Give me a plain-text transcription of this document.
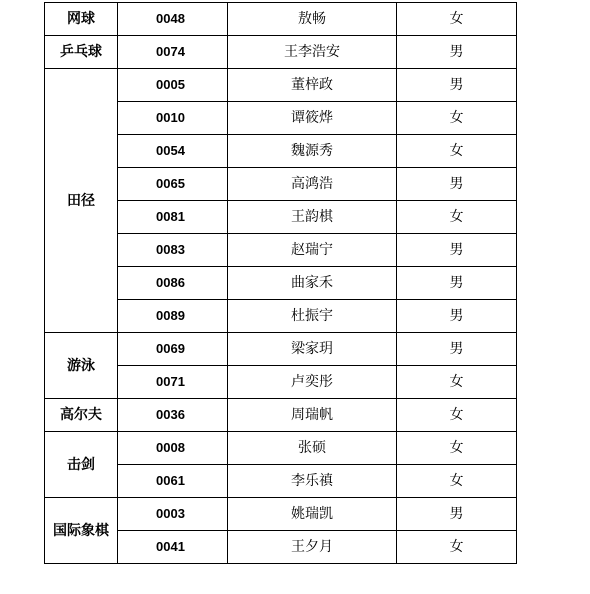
网球	0048	敖畅	女
乒乓球	0074	王李浩安	男
田径	0005	董梓政	男
	0010	谭筱烨	女
	0054	魏源秀	女
	0065	高鸿浩	男
	0081	王韵棋	女
	0083	赵瑞宁	男
	0086	曲家禾	男
	0089	杜振宇	男
游泳	0069	梁家玥	男
	0071	卢奕彤	女
高尔夫	0036	周瑞帆	女
击剑	0008	张硕	女
	0061	李乐禛	女
国际象棋	0003	姚瑞凯	男
	0041	王夕月	女
